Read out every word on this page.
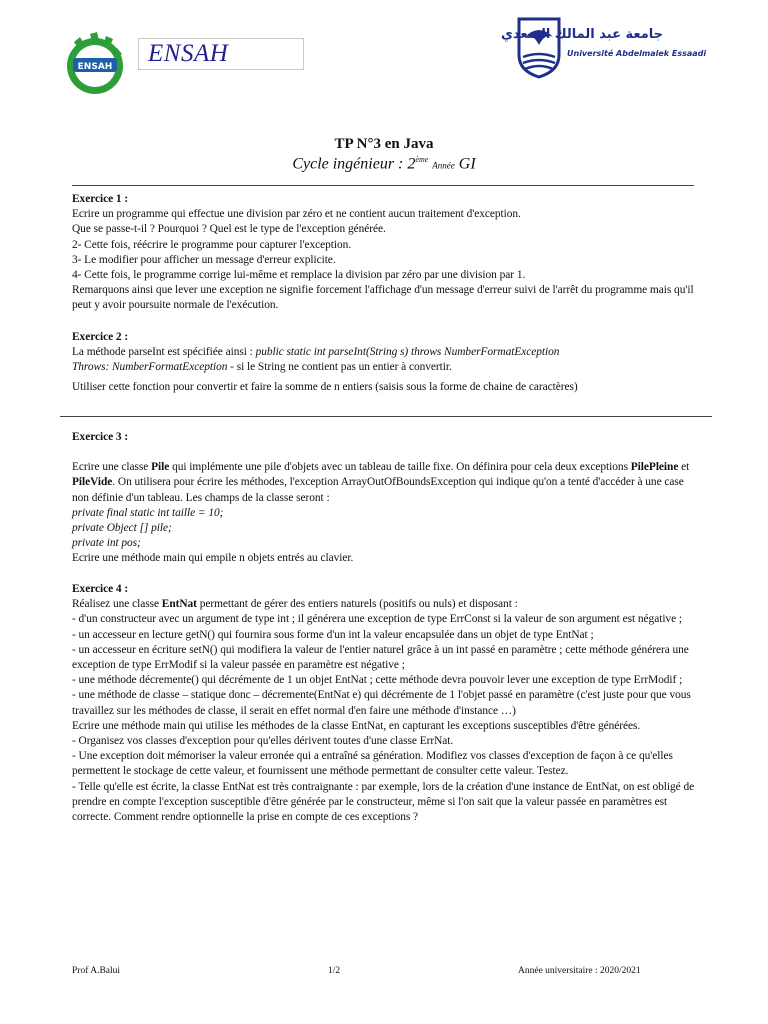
ENSAH ENSAH
جامعة عبد المالك السعدي
Université Abdelmalek Essaadi
TP N°3 en Java
Cycle ingénieur : 2ème Année GI

Exercice 1 :

Ecrire un programme qui effectue une division par zéro et ne contient aucun traitement d'exception.

Que se passe-t-il ? Pourquoi ? Quel est le type de l'exception générée.

2- Cette fois, réécrire le programme pour capturer l'exception.

3- Le modifier pour afficher un message d'erreur explicite.

4- Cette fois, le programme corrige lui-même et remplace la division par zéro par une division par 1.

Remarquons ainsi que lever une exception ne signifie forcement l'affichage d'un message d'erreur suivi de l'arrêt du programme mais qu'il peut y avoir poursuite normale de l'exécution.

Exercice 2 :

La méthode parseInt est spécifiée ainsi : public static int parseInt(String s) throws NumberFormatException

Throws: NumberFormatException - si le String ne contient pas un entier à convertir.

Utiliser cette fonction pour convertir et faire la somme de n entiers (saisis sous la forme de chaine de caractères)

Exercice 3 :

Ecrire une classe Pile qui implémente une pile d'objets avec un tableau de taille fixe. On définira pour cela deux exceptions PilePleine et PileVide. On utilisera pour écrire les méthodes, l'exception ArrayOutOfBoundsException qui indique qu'on a tenté d'accéder à une case non définie d'un tableau. Les champs de la classe seront :

private final static int taille = 10;

private Object [] pile;

private int pos;

Ecrire une méthode main qui empile n objets entrés au clavier.

Exercice 4 :

Réalisez une classe EntNat permettant de gérer des entiers naturels (positifs ou nuls) et disposant :

- d'un constructeur avec un argument de type int ; il générera une exception de type ErrConst si la valeur de son argument est négative ;

- un accesseur en lecture getN() qui fournira sous forme d'un int la valeur encapsulée dans un objet de type EntNat ;

- un accesseur en écriture setN() qui modifiera la valeur de l'entier naturel grâce à un int passé en paramètre ; cette méthode générera une exception de type ErrModif si la valeur passée en paramètre est négative ;

- une méthode décremente() qui décrémente de 1 un objet EntNat ; cette méthode devra pouvoir lever une exception de type ErrModif ;

- une méthode de classe – statique donc – décremente(EntNat e) qui décrémente de 1 l'objet passé en paramètre (c'est juste pour que vous travaillez sur les méthodes de classe, il serait en effet normal d'en faire une méthode d'instance …)

Ecrire une méthode main qui utilise les méthodes de la classe EntNat, en capturant les exceptions susceptibles d'être générées.

- Organisez vos classes d'exception pour qu'elles dérivent toutes d'une classe ErrNat.

- Une exception doit mémoriser la valeur erronée qui a entraîné sa génération. Modifiez vos classes d'exception de façon à ce qu'elles permettent le stockage de cette valeur, et fournissent une méthode permettant de consulter cette valeur. Testez.

- Telle qu'elle est écrite, la classe EntNat est très contraignante : par exemple, lors de la création d'une instance de EntNat, on est obligé de prendre en compte l'exception susceptible d'être générée par le constructeur, même si l'on sait que la valeur passée en paramètres est correcte. Comment rendre optionnelle la prise en compte de ces exceptions ?

Prof A.Balui	1/2	Année universitaire : 2020/2021
